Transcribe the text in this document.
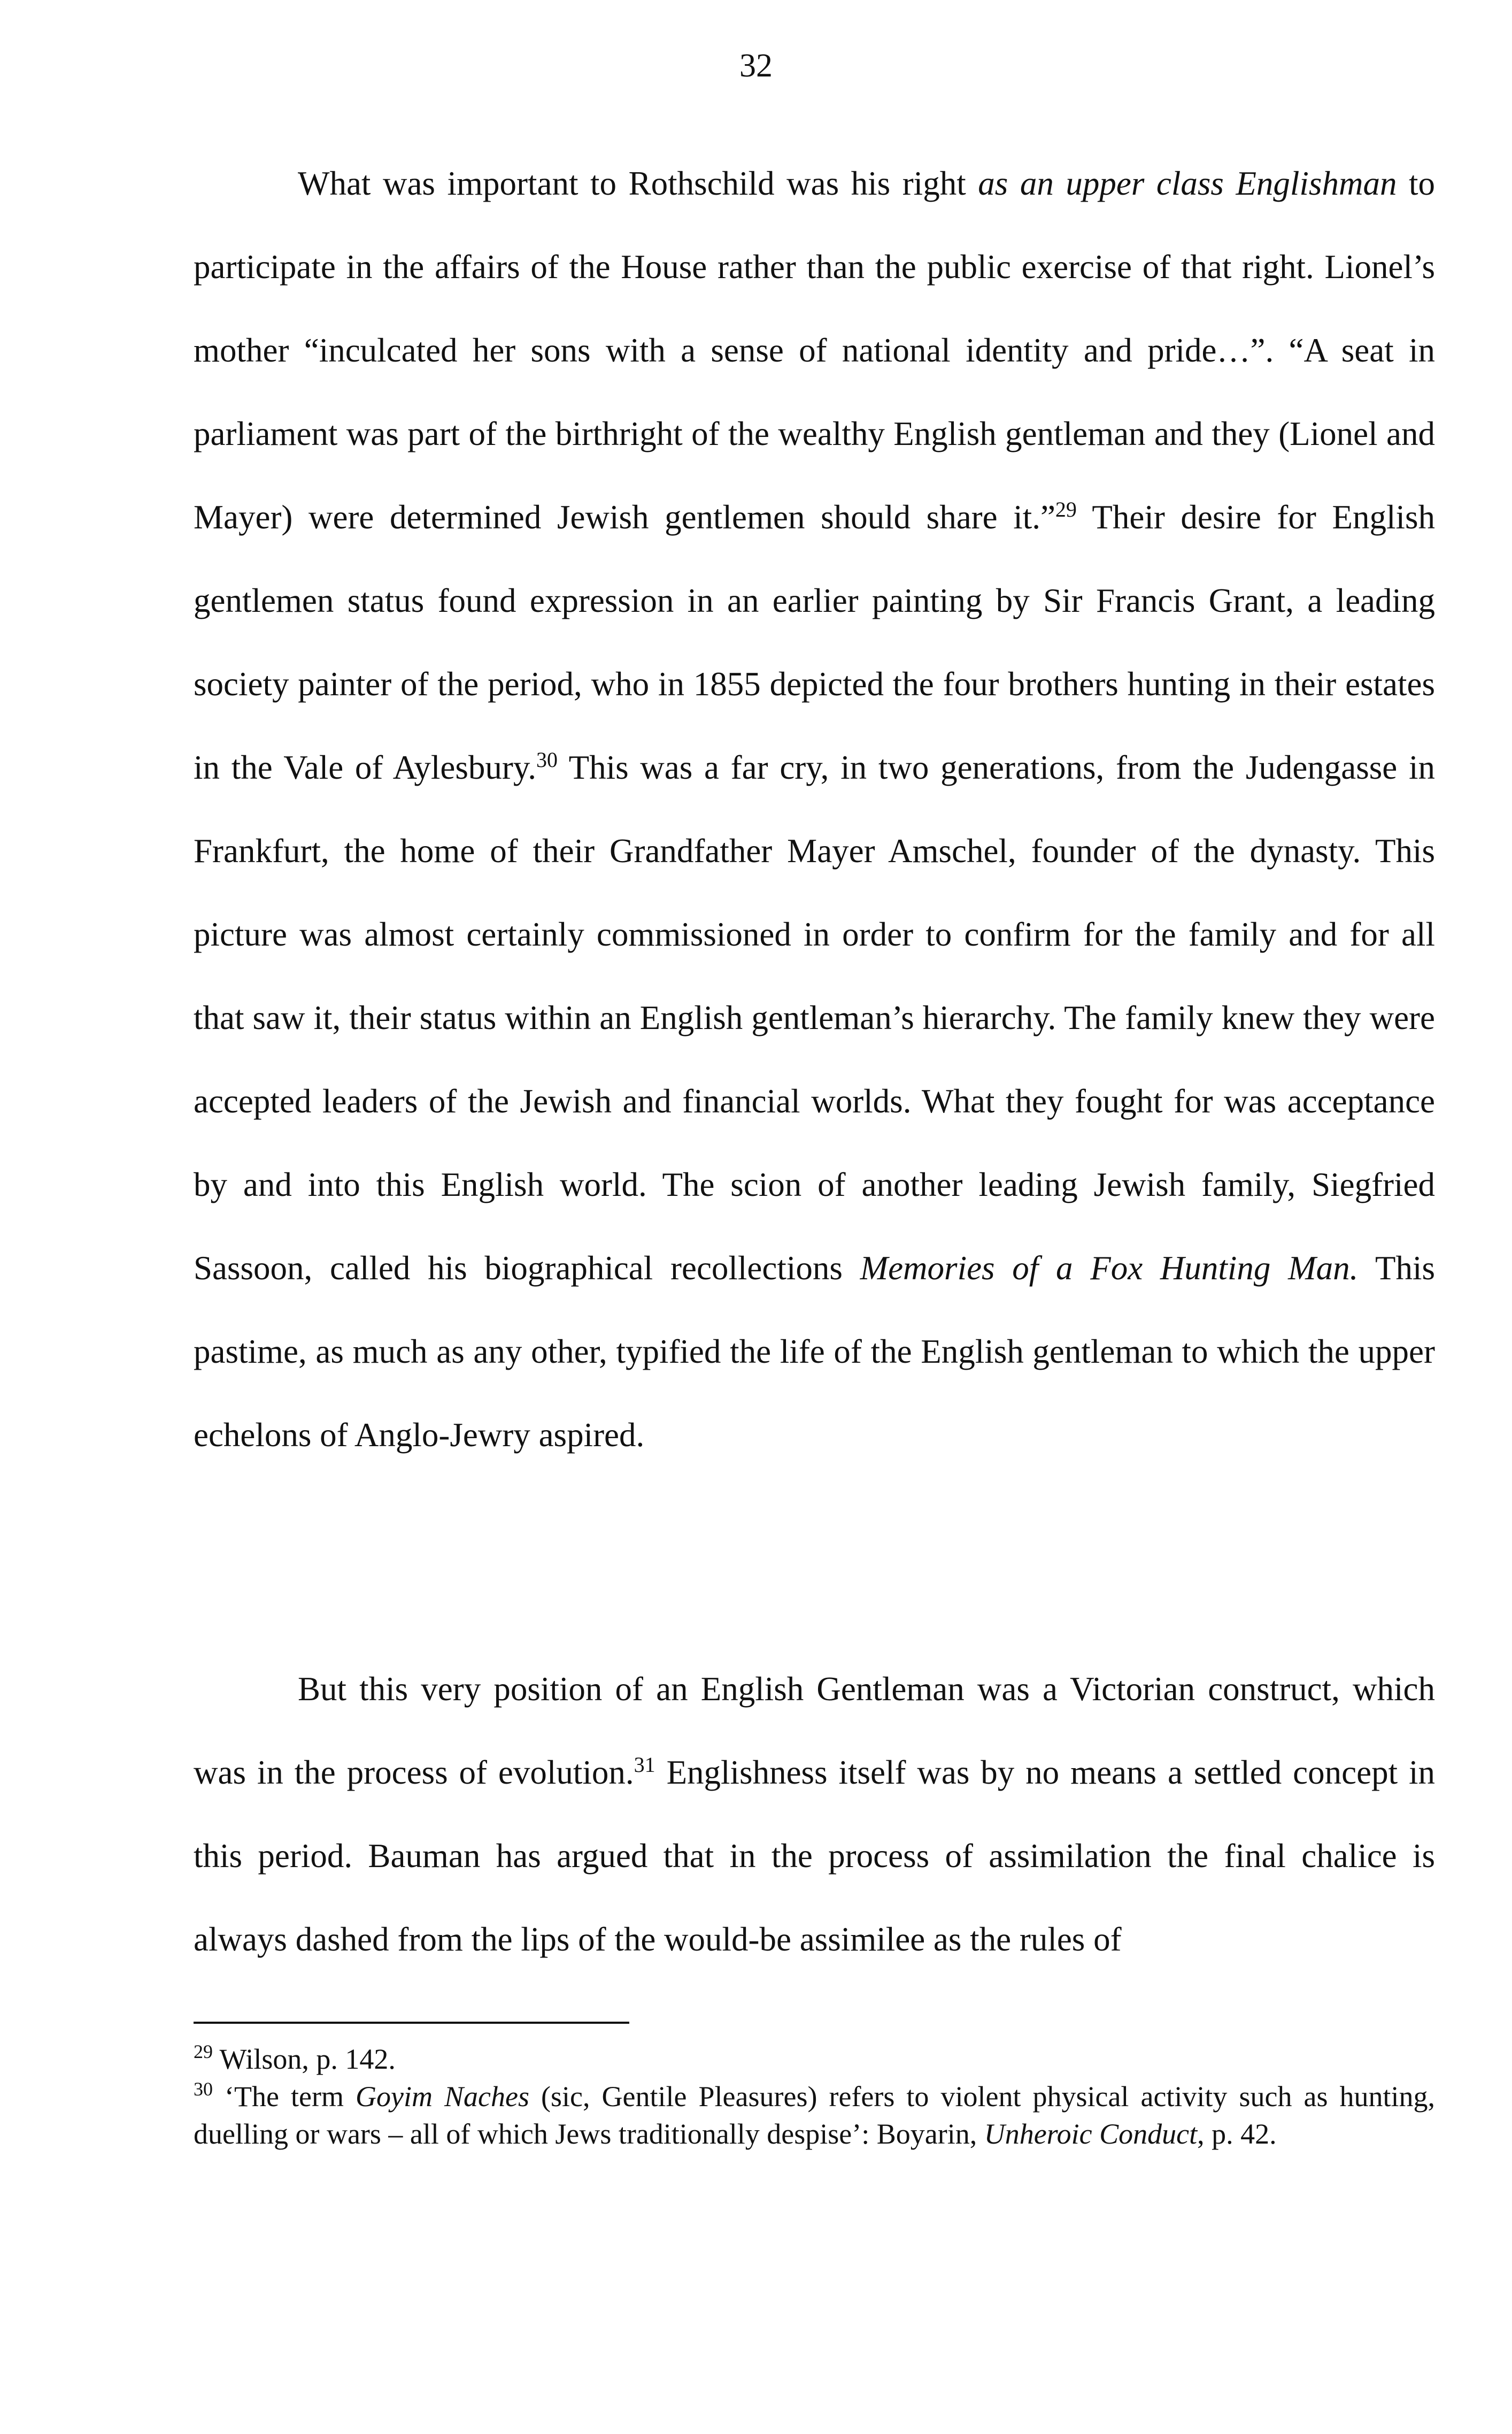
32

What was important to Rothschild was his right as an upper class Englishman to participate in the affairs of the House rather than the public exercise of that right. Lionel’s mother “inculcated her sons with a sense of national identity and pride…”. “A seat in parliament was part of the birthright of the wealthy English gentleman and they (Lionel and Mayer) were determined Jewish gentlemen should share it.”$^{29}$ Their desire for English gentlemen status found expression in an earlier painting by Sir Francis Grant, a leading society painter of the period, who in 1855 depicted the four brothers hunting in their estates in the Vale of Aylesbury.$^{30}$ This was a far cry, in two generations, from the Judengasse in Frankfurt, the home of their Grandfather Mayer Amschel, founder of the dynasty. This picture was almost certainly commissioned in order to confirm for the family and for all that saw it, their status within an English gentleman’s hierarchy. The family knew they were accepted leaders of the Jewish and financial worlds. What they fought for was acceptance by and into this English world. The scion of another leading Jewish family, Siegfried Sassoon, called his biographical recollections Memories of a Fox Hunting Man. This pastime, as much as any other, typified the life of the English gentleman to which the upper echelons of Anglo-Jewry aspired.

But this very position of an English Gentleman was a Victorian construct, which was in the process of evolution.$^{31}$ Englishness itself was by no means a settled concept in this period. Bauman has argued that in the process of assimilation the final chalice is always dashed from the lips of the would-be assimilee as the rules of

$^{29}$ Wilson, p. 142.

$^{30}$ ‘The term Goyim Naches (sic, Gentile Pleasures) refers to violent physical activity such as hunting, duelling or wars – all of which Jews traditionally despise’: Boyarin, Unheroic Conduct, p. 42.
